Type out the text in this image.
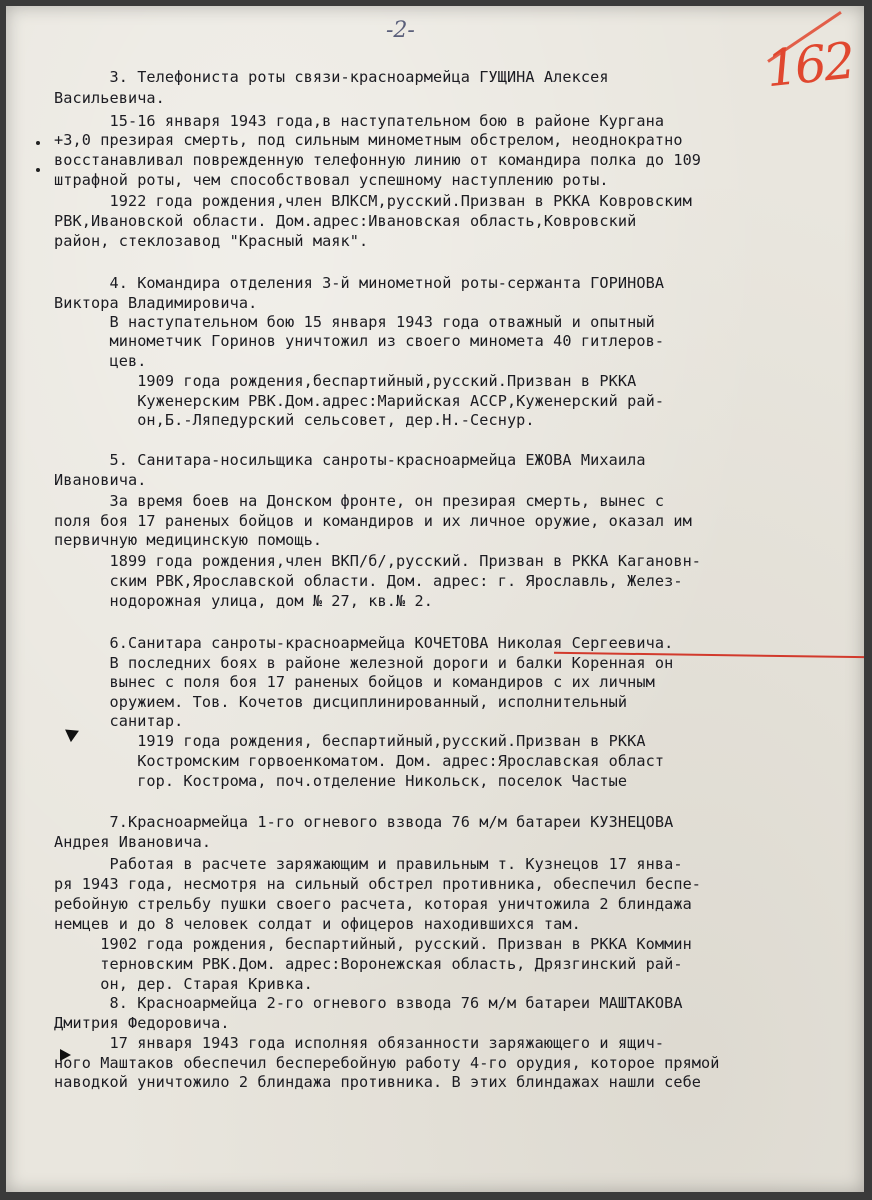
-2-
162
3. Телефониста роты связи-красноармейца ГУЩИНА Алексея
Васильевича.
15-16 января 1943 года,в наступательном бою в районе Кургана
+3,0 презирая смерть, под сильным минометным обстрелом, неоднократно
восстанавливал поврежденную телефонную линию от командира полка до 109
штрафной роты, чем способствовал успешному наступлению роты.
1922 года рождения,член ВЛКСМ,русский.Призван в РККА Ковровским
РВК,Ивановской области. Дом.адрес:Ивановская область,Ковровский
район, стеклозавод "Красный маяк".
4. Командира отделения 3-й минометной роты-сержанта ГОРИНОВА
Виктора Владимировича.
В наступательном бою 15 января 1943 года отважный и опытный
минометчик Горинов уничтожил из своего миномета 40 гитлеров-
цев.
1909 года рождения,беспартийный,русский.Призван в РККА
Куженерским РВК.Дом.адрес:Марийская АССР,Куженерский рай-
он,Б.-Ляпедурский сельсовет, дер.Н.-Сеснур.
5. Санитара-носильщика санроты-красноармейца ЕЖОВА Михаила
Ивановича.
За время боев на Донском фронте, он презирая смерть, вынес с
поля боя 17 раненых бойцов и командиров и их личное оружие, оказал им
первичную медицинскую помощь.
1899 года рождения,член ВКП/б/,русский. Призван в РККА Кагановн-
ским РВК,Ярославской области. Дом. адрес: г. Ярославль, Желез-
нодорожная улица, дом № 27, кв.№ 2.
6.Санитара санроты-красноармейца КОЧЕТОВА Николая Сергеевича.
В последних боях в районе железной дороги и балки Коренная он
вынес с поля боя 17 раненых бойцов и командиров с их личным
оружием. Тов. Кочетов дисциплинированный, исполнительный
санитар.
1919 года рождения, беспартийный,русский.Призван в РККА
Костромским горвоенкоматом. Дом. адрес:Ярославская област
гор. Кострома, поч.отделение Никольск, поселок Частые
7.Красноармейца 1-го огневого взвода 76 м/м батареи КУЗНЕЦОВА
Андрея Ивановича.
Работая в расчете заряжающим и правильным т. Кузнецов 17 янва-
ря 1943 года, несмотря на сильный обстрел противника, обеспечил беспе-
ребойную стрельбу пушки своего расчета, которая уничтожила 2 блиндажа
немцев и до 8 человек солдат и офицеров находившихся там.
1902 года рождения, беспартийный, русский. Призван в РККА Коммин
терновским РВК.Дом. адрес:Воронежская область, Дрязгинский рай-
он, дер. Старая Кривка.
8. Красноармейца 2-го огневого взвода 76 м/м батареи МАШТАКОВА
Дмитрия Федоровича.
17 января 1943 года исполняя обязанности заряжающего и ящич-
ного Маштаков обеспечил бесперебойную работу 4-го орудия, которое прямой
наводкой уничтожило 2 блиндажа противника. В этих блиндажах нашли себе
